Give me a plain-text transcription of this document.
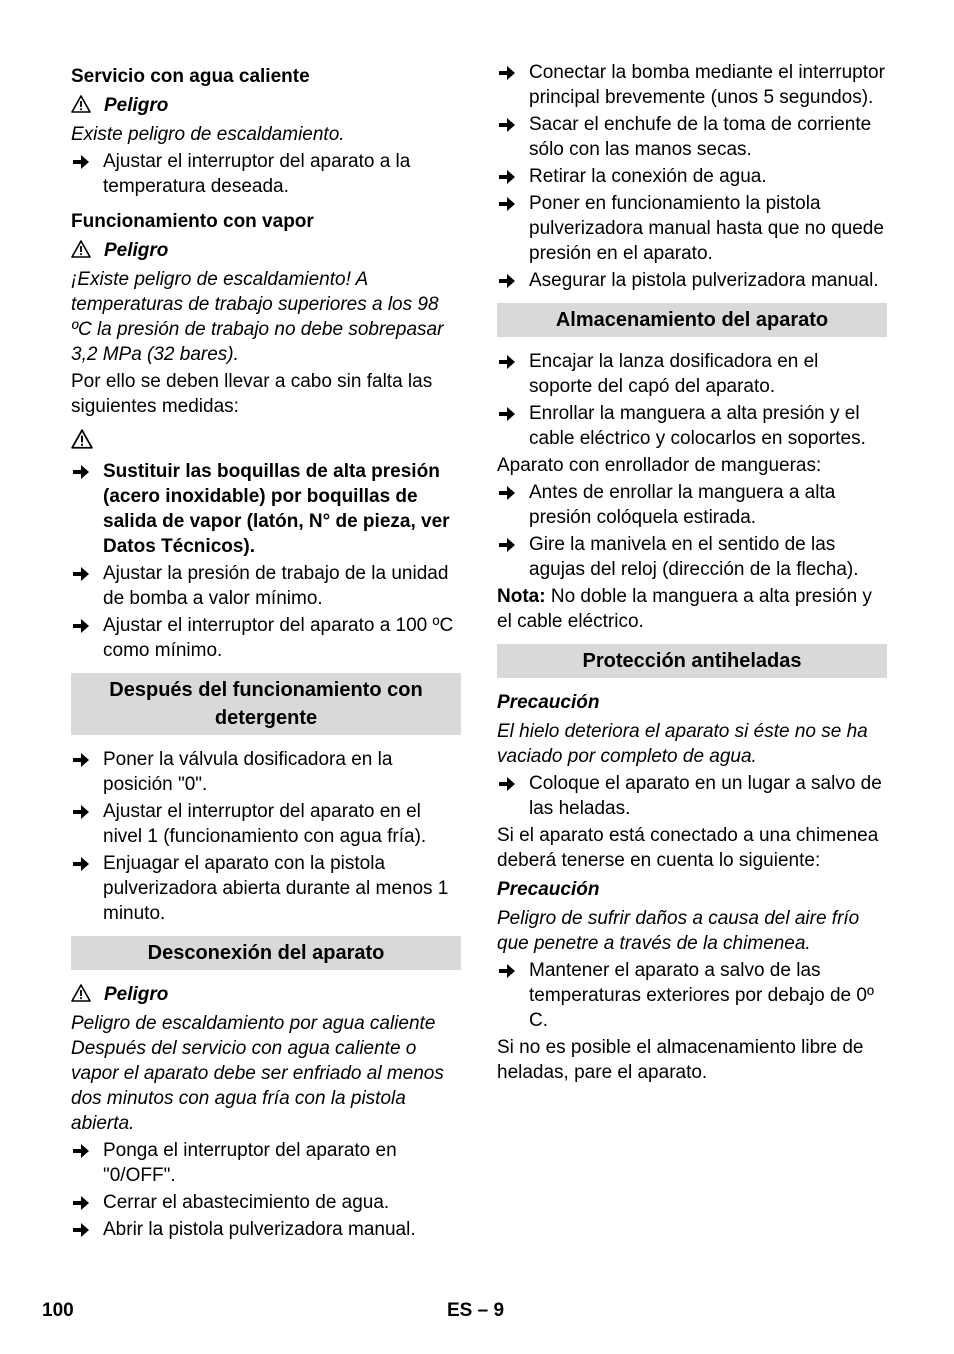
Servicio con agua caliente

Peligro

Existe peligro de escaldamiento.

Ajustar el interruptor del aparato a la temperatura deseada.

Funcionamiento con vapor

Peligro

¡Existe peligro de escaldamiento! A temperaturas de trabajo superiores a los 98 ºC la presión de trabajo no debe sobrepasar 3,2 MPa (32 bares).

Por ello se deben llevar a cabo sin falta las siguientes medidas:

Sustituir las boquillas de alta presión (acero inoxidable) por boquillas de salida de vapor (latón, N° de pieza, ver Datos Técnicos).
Ajustar la presión de trabajo de la unidad de bomba a valor mínimo.
Ajustar el interruptor del aparato a 100 ºC como mínimo.
Después del funcionamiento con detergente
Poner la válvula dosificadora en la posición "0".
Ajustar el interruptor del aparato en el nivel 1 (funcionamiento con agua fría).
Enjuagar el aparato con la pistola pulverizadora abierta durante al menos 1 minuto.
Desconexión del aparato

Peligro

Peligro de escaldamiento por agua caliente Después del servicio con agua caliente o vapor el aparato debe ser enfriado al menos dos minutos con agua fría con la pistola abierta.

Ponga el interruptor del aparato en "0/OFF".
Cerrar el abastecimiento de agua.
Abrir la pistola pulverizadora manual.
Conectar la bomba mediante el interruptor principal brevemente (unos 5 segundos).
Sacar el enchufe de la toma de corriente sólo con las manos secas.
Retirar la conexión de agua.
Poner en funcionamiento la pistola pulverizadora manual hasta que no quede presión en el aparato.
Asegurar la pistola pulverizadora manual.
Almacenamiento del aparato
Encajar la lanza dosificadora en el soporte del capó del aparato.
Enrollar la manguera a alta presión y el cable eléctrico y colocarlos en soportes.

Aparato con enrollador de mangueras:

Antes de enrollar la manguera a alta presión colóquela estirada.
Gire la manivela en el sentido de las agujas del reloj (dirección de la flecha).

Nota: No doble la manguera a alta presión y el cable eléctrico.

Protección antiheladas

Precaución

El hielo deteriora el aparato si éste no se ha vaciado por completo de agua.

Coloque el aparato en un lugar a salvo de las heladas.

Si el aparato está conectado a una chimenea deberá tenerse en cuenta lo siguiente:

Precaución

Peligro de sufrir daños a causa del aire frío que penetre a través de la chimenea.

Mantener el aparato a salvo de las temperaturas exteriores por debajo de 0º C.

Si no es posible el almacenamiento libre de heladas, pare el aparato.

100	ES – 9
